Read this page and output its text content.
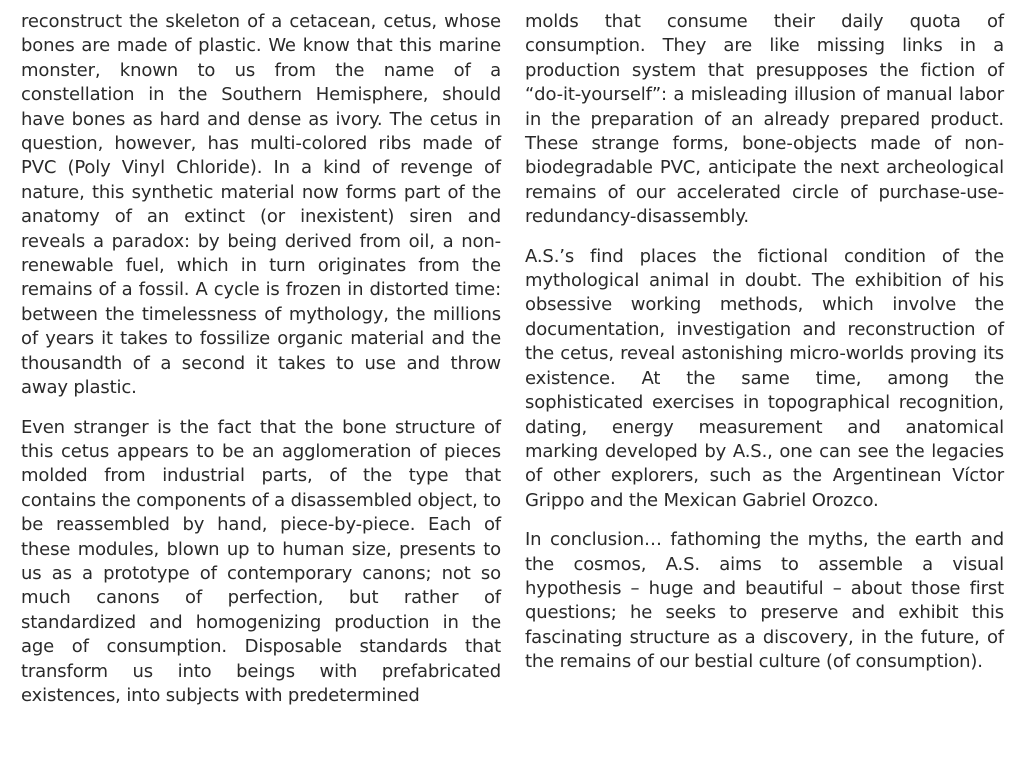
reconstruct the skeleton of a cetacean, cetus, whose bones are made of plastic. We know that this marine monster, known to us from the name of a constellation in the Southern Hemisphere, should have bones as hard and dense as ivory. The cetus in question, however, has multi-colored ribs made of PVC (Poly Vinyl Chloride). In a kind of revenge of nature, this synthetic material now forms part of the anatomy of an extinct (or inexistent) siren and reveals a paradox: by being derived from oil, a non-renewable fuel, which in turn originates from the remains of a fossil. A cycle is frozen in distorted time: between the timelessness of mythology, the millions of years it takes to fossilize organic material and the thousandth of a second it takes to use and throw away plastic.

Even stranger is the fact that the bone structure of this cetus appears to be an agglomeration of pieces molded from industrial parts, of the type that contains the components of a disassembled object, to be reassembled by hand, piece-by-piece. Each of these modules, blown up to human size, presents to us as a prototype of contemporary canons; not so much canons of perfection, but rather of standardized and homogenizing production in the age of consumption. Disposable standards that transform us into beings with prefabricated existences, into subjects with predetermined

molds that consume their daily quota of consumption. They are like missing links in a production system that presupposes the fiction of “do-it-yourself”: a misleading illusion of manual labor in the preparation of an already prepared product. These strange forms, bone-objects made of non-biodegradable PVC, anticipate the next archeological remains of our accelerated circle of purchase-use-redundancy-disassembly.

A.S.’s find places the fictional condition of the mythological animal in doubt. The exhibition of his obsessive working methods, which involve the documentation, investigation and reconstruction of the cetus, reveal astonishing micro-worlds proving its existence. At the same time, among the sophisticated exercises in topographical recognition, dating, energy measurement and anatomical marking developed by A.S., one can see the legacies of other explorers, such as the Argentinean Víctor Grippo and the Mexican Gabriel Orozco.

In conclusion… fathoming the myths, the earth and the cosmos, A.S. aims to assemble a visual hypothesis – huge and beautiful – about those first questions; he seeks to preserve and exhibit this fascinating structure as a discovery, in the future, of the remains of our bestial culture (of consumption).
